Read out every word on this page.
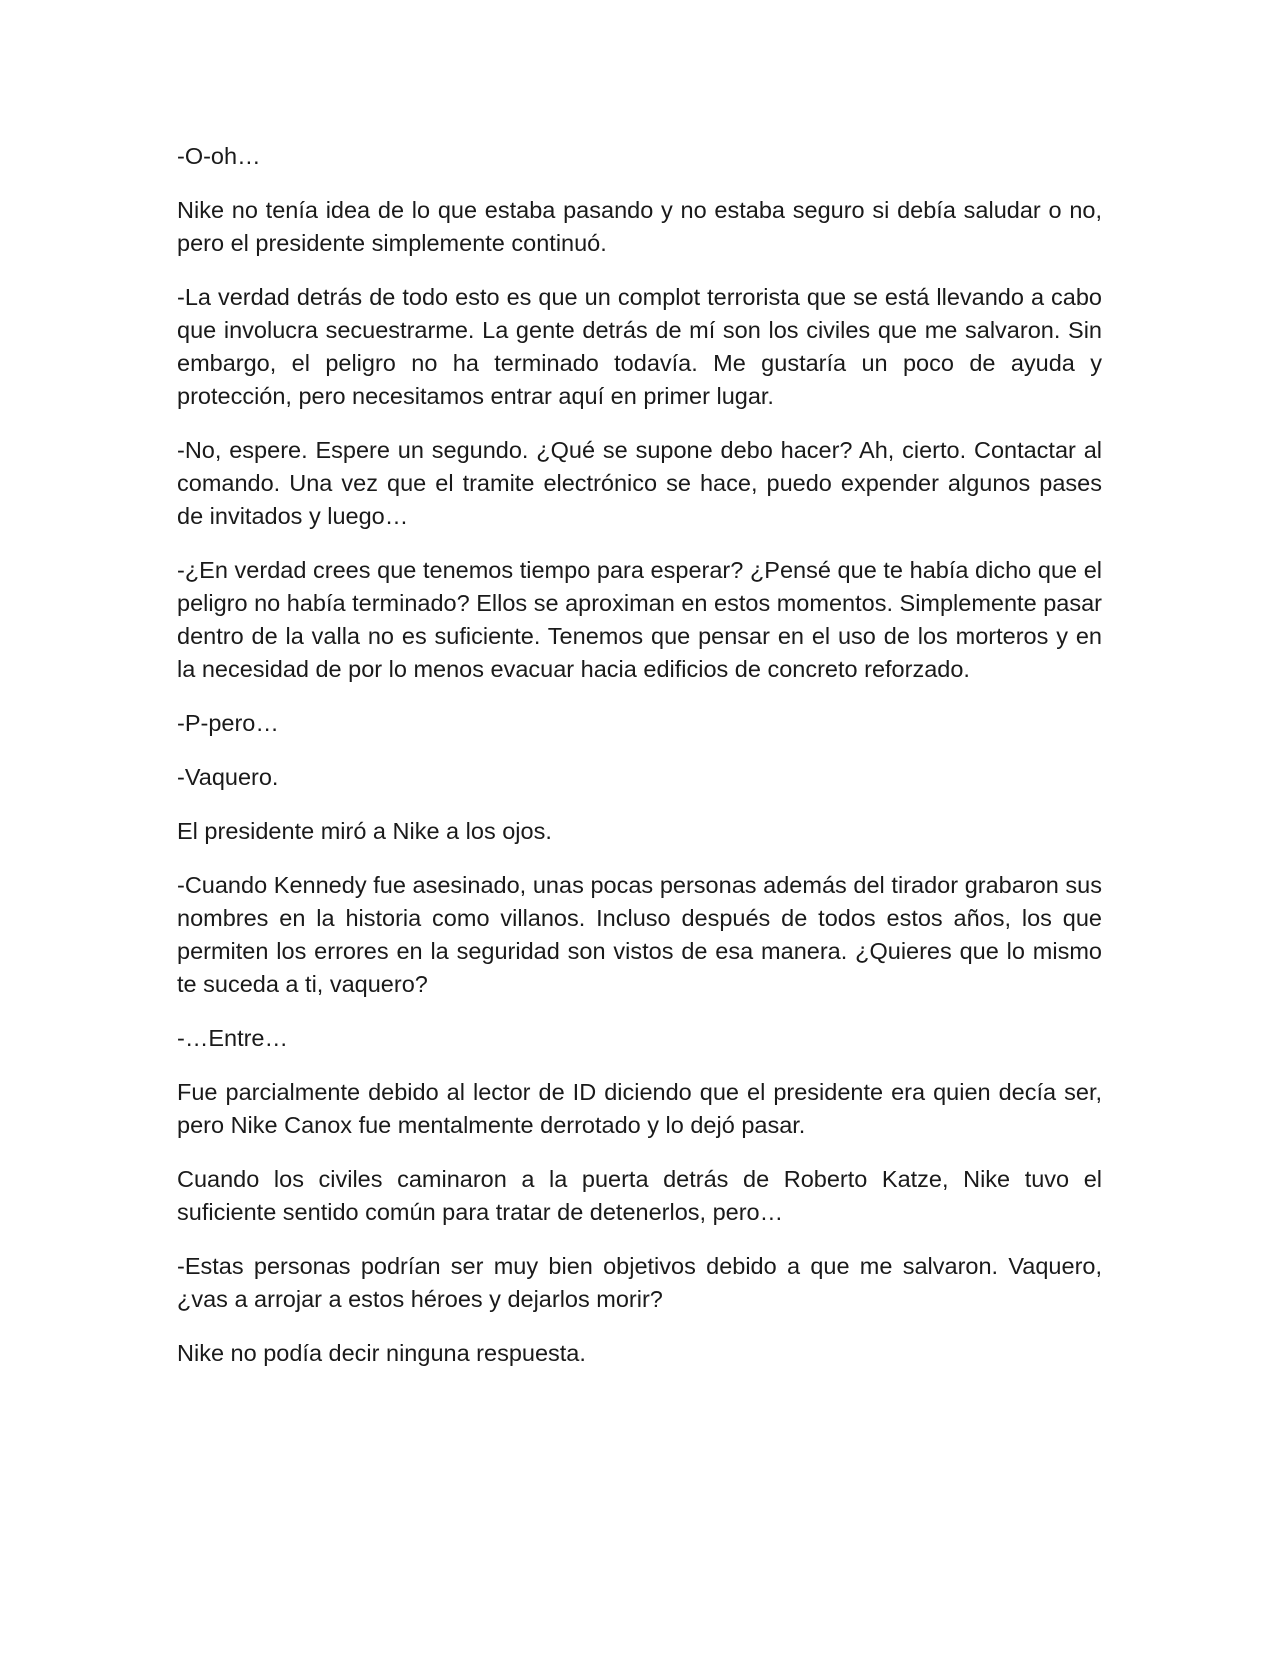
-O-oh…

Nike no tenía idea de lo que estaba pasando y no estaba seguro si debía saludar o no, pero el presidente simplemente continuó.

-La verdad detrás de todo esto es que un complot terrorista que se está llevando a cabo que involucra secuestrarme. La gente detrás de mí son los civiles que me salvaron. Sin embargo, el peligro no ha terminado todavía. Me gustaría un poco de ayuda y protección, pero necesitamos entrar aquí en primer lugar.

-No, espere. Espere un segundo. ¿Qué se supone debo hacer? Ah, cierto. Contactar al comando. Una vez que el tramite electrónico se hace, puedo expender algunos pases de invitados y luego…

-¿En verdad crees que tenemos tiempo para esperar? ¿Pensé que te había dicho que el peligro no había terminado? Ellos se aproximan en estos momentos. Simplemente pasar dentro de la valla no es suficiente. Tenemos que pensar en el uso de los morteros y en la necesidad de por lo menos evacuar hacia edificios de concreto reforzado.

-P-pero…

-Vaquero.

El presidente miró a Nike a los ojos.

-Cuando Kennedy fue asesinado, unas pocas personas además del tirador grabaron sus nombres en la historia como villanos. Incluso después de todos estos años, los que permiten los errores en la seguridad son vistos de esa manera. ¿Quieres que lo mismo te suceda a ti, vaquero?

-…Entre…

Fue parcialmente debido al lector de ID diciendo que el presidente era quien decía ser, pero Nike Canox fue mentalmente derrotado y lo dejó pasar.

Cuando los civiles caminaron a la puerta detrás de Roberto Katze, Nike tuvo el suficiente sentido común para tratar de detenerlos, pero…

-Estas personas podrían ser muy bien objetivos debido a que me salvaron. Vaquero, ¿vas a arrojar a estos héroes y dejarlos morir?

Nike no podía decir ninguna respuesta.
